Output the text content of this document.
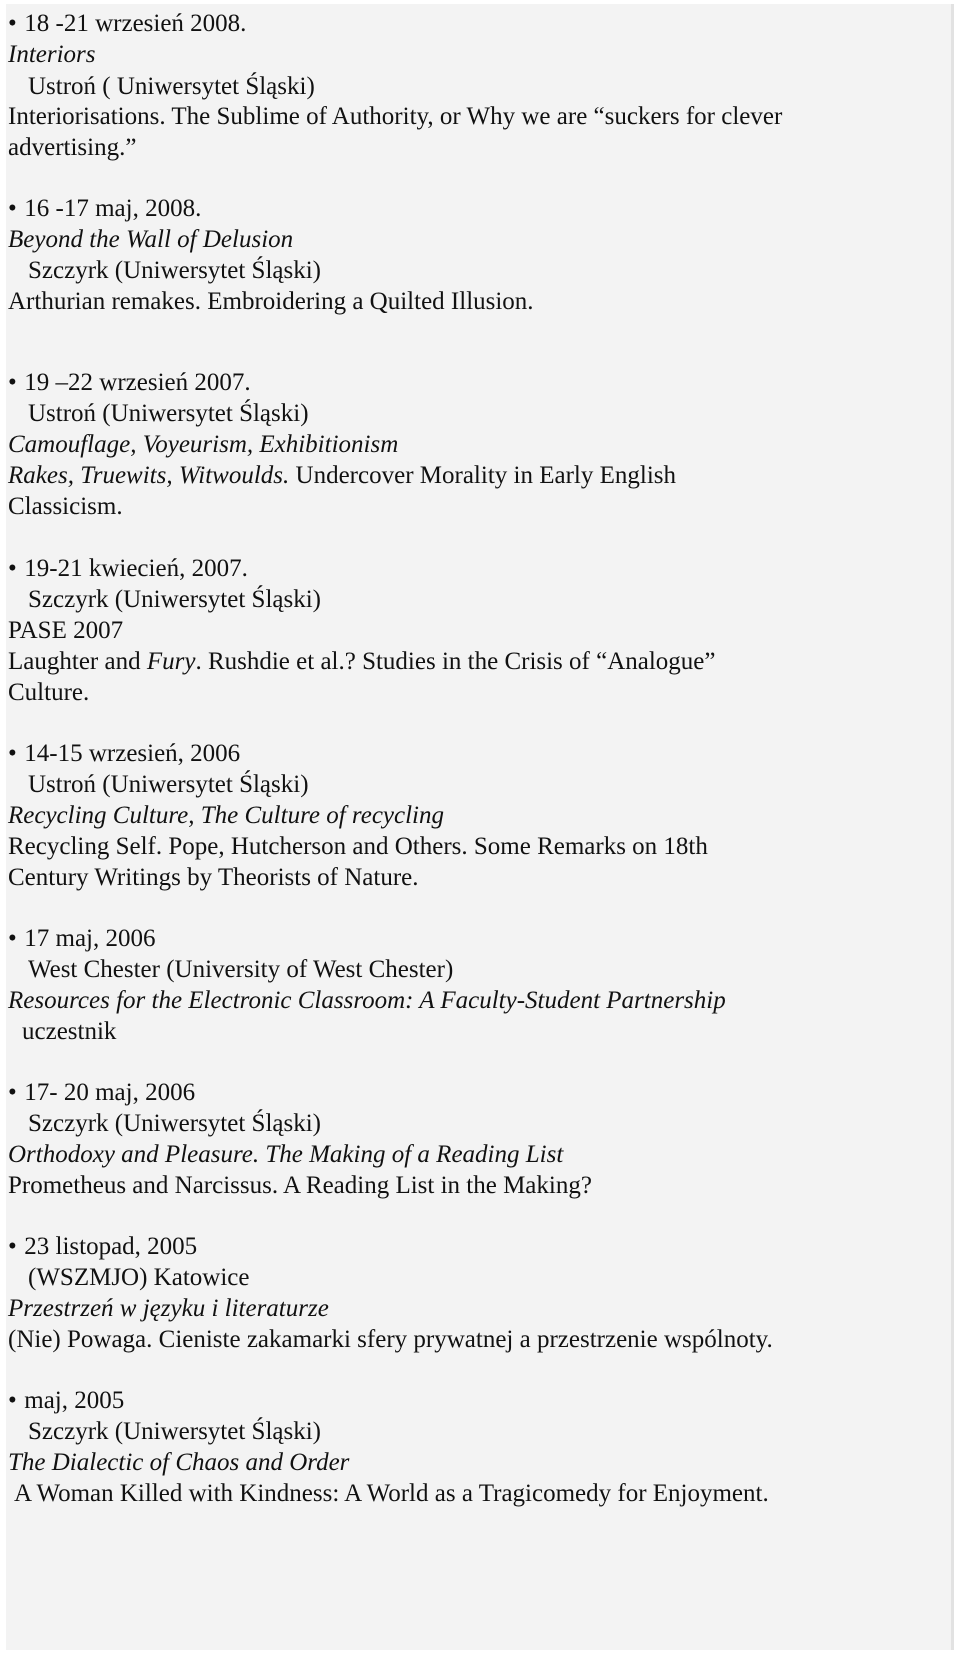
• 18 -21 wrzesień 2008.
Interiors
Ustroń ( Uniwersytet Śląski)
Interiorisations. The Sublime of Authority, or Why we are “suckers for clever
advertising.”
• 16 -17 maj, 2008.
Beyond the Wall of Delusion
Szczyrk (Uniwersytet Śląski)
Arthurian remakes. Embroidering a Quilted Illusion.
• 19 –22 wrzesień 2007.
Ustroń (Uniwersytet Śląski)
Camouflage, Voyeurism, Exhibitionism
Rakes, Truewits, Witwoulds. Undercover Morality in Early English
Classicism.
• 19-21 kwiecień, 2007.
Szczyrk (Uniwersytet Śląski)
PASE 2007
Laughter and Fury. Rushdie et al.? Studies in the Crisis of “Analogue”
Culture.
• 14-15 wrzesień, 2006
Ustroń (Uniwersytet Śląski)
Recycling Culture, The Culture of recycling
Recycling Self. Pope, Hutcherson and Others. Some Remarks on 18th
Century Writings by Theorists of Nature.
• 17 maj, 2006
West Chester (University of West Chester)
Resources for the Electronic Classroom: A Faculty-Student Partnership
uczestnik
• 17- 20 maj, 2006
Szczyrk (Uniwersytet Śląski)
Orthodoxy and Pleasure. The Making of a Reading List
Prometheus and Narcissus. A Reading List in the Making?
• 23 listopad, 2005
(WSZMJO) Katowice
Przestrzeń w języku i literaturze
(Nie) Powaga. Cieniste zakamarki sfery prywatnej a przestrzenie wspólnoty.
• maj, 2005
Szczyrk (Uniwersytet Śląski)
The Dialectic of Chaos and Order
A Woman Killed with Kindness: A World as a Tragicomedy for Enjoyment.
